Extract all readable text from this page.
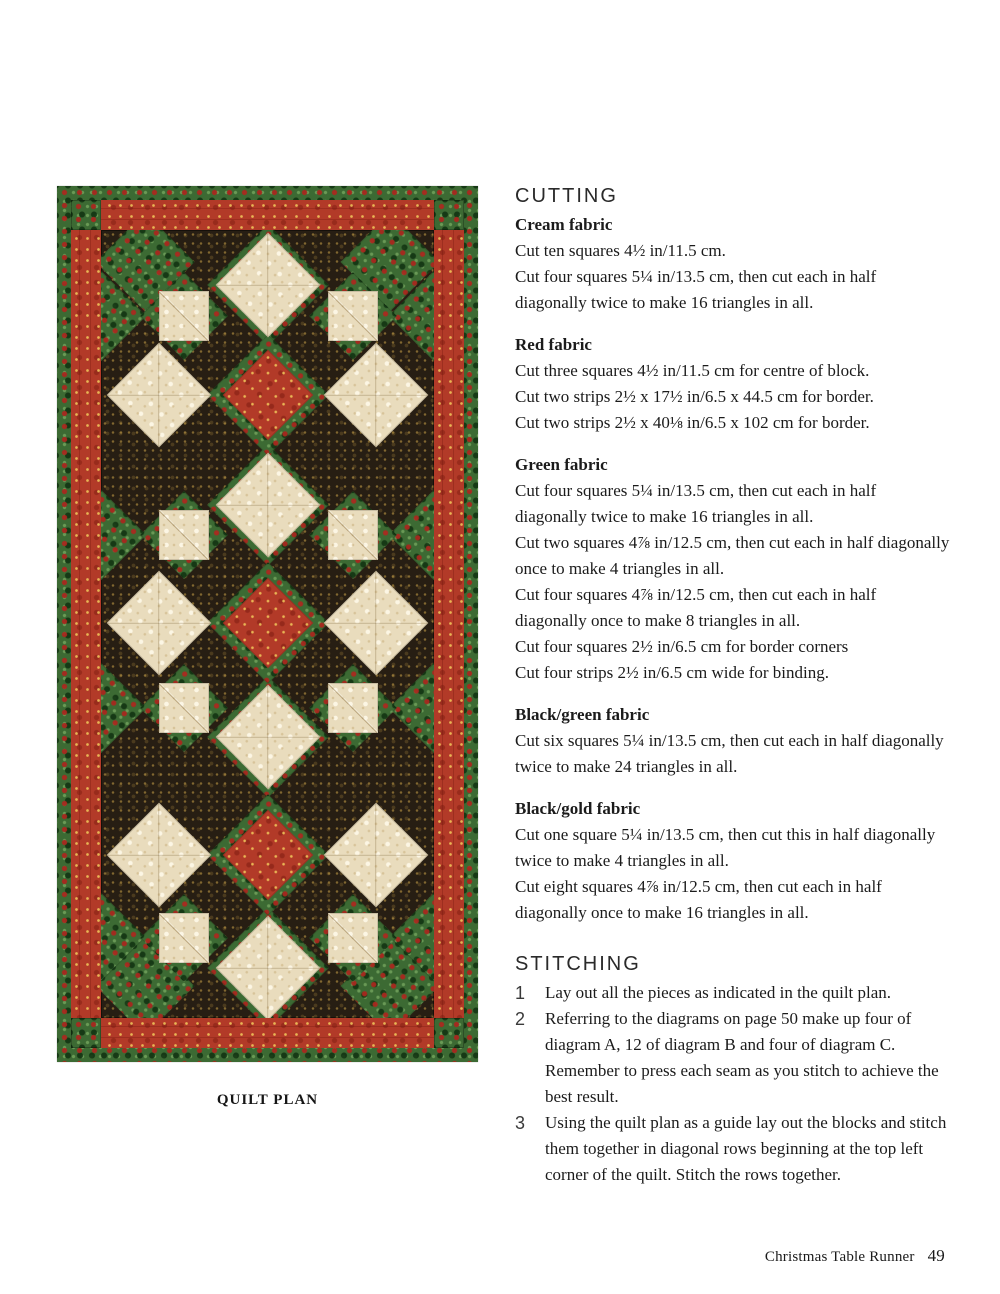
QUILT PLAN
CUTTING
Cream fabric

Cut ten squares 4½ in/11.5 cm.

Cut four squares 5¼ in/13.5 cm, then cut each in half diagonally twice to make 16 triangles in all.

Red fabric

Cut three squares 4½ in/11.5 cm for centre of block.

Cut two strips 2½ x 17½ in/6.5 x 44.5 cm for border.

Cut two strips 2½ x 40⅛ in/6.5 x 102 cm for border.

Green fabric

Cut four squares 5¼ in/13.5 cm, then cut each in half diagonally twice to make 16 triangles in all.

Cut two squares 4⅞ in/12.5 cm, then cut each in half diagonally once to make 4 triangles in all.

Cut four squares 4⅞ in/12.5 cm, then cut each in half diagonally once to make 8 triangles in all.

Cut four squares 2½ in/6.5 cm for border corners

Cut four strips 2½ in/6.5 cm wide for binding.

Black/green fabric

Cut six squares 5¼ in/13.5 cm, then cut each in half diagonally twice to make 24 triangles in all.

Black/gold fabric

Cut one square 5¼ in/13.5 cm, then cut this in half diagonally twice to make 4 triangles in all.

Cut eight squares 4⅞ in/12.5 cm, then cut each in half diagonally once to make 16 triangles in all.

STITCHING
1	Lay out all the pieces as indicated in the quilt plan.

2	Referring to the diagrams on page 50 make up four of diagram A, 12 of diagram B and four of diagram C. Remember to press each seam as you stitch to achieve the best result.

3	Using the quilt plan as a guide lay out the blocks and stitch them together in diagonal rows beginning at the top left corner of the quilt. Stitch the rows together.

Christmas Table Runner 49
